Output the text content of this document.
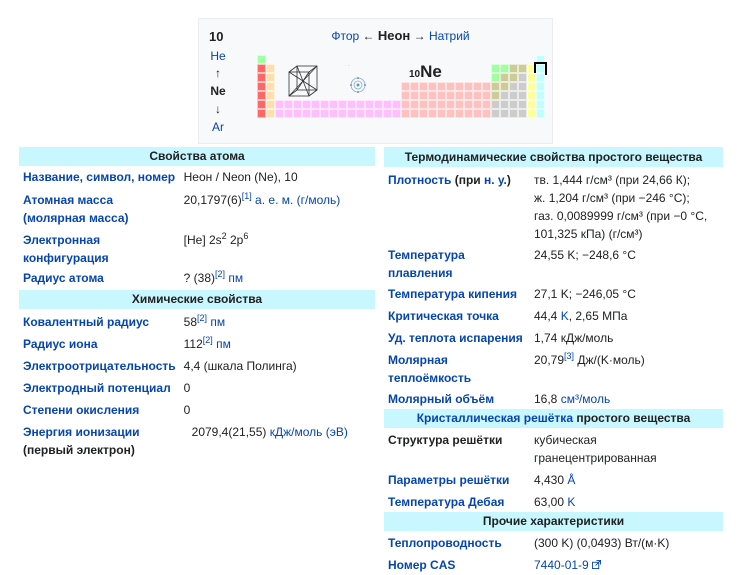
10
He
↑
Ne
↓
Ar
Фтор ← Неон → Натрий
· ··
10Ne
Свойства атома	
Название, символ, номер	Неон / Neon (Ne), 10
Атомная масса
(молярная масса)	20,1797(6)[1] а. е. м. (г/моль)
Электронная
конфигурация	[He] $2s^2$ $2p^6$
Радиус атома	? (38)[2] пм
Химические свойства	
Ковалентный радиус	58[2] пм
Радиус иона	112[2] пм
Электроотрицательность	4,4 (шкала Полинга)
Электродный потенциал	0
Степени окисления	0
Энергия ионизации
(первый электрон)	2079,4(21,55) кДж/моль (эВ)
Термодинамические свойства простого вещества	
Плотность (при н. у.)	тв. 1,444 г/см³ (при 24,66 К);
ж. 1,204 г/см³ (при −246 °C);
газ. 0,0089999 г/см³ (при −0 °C,
101,325 кПа) (г/см³)

Температура плавления	24,55 K; −248,6 °C
Температура кипения	27,1 K; −246,05 °C
Критическая точка	44,4 K, 2,65 МПа
Уд. теплота испарения	1,74 кДж/моль
Молярная теплоёмкость	20,79[3] Дж/(K·моль)
Молярный объём	16,8 см³/моль
Кристаллическая решётка простого вещества	
Структура решётки	кубическая
гранецентрированная

Параметры решётки	4,430 Å
Температура Дебая	63,00 K
Прочие характеристики	
Теплопроводность	(300 K) (0,0493) Вт/(м·K)
Номер CAS	7440-01-9
